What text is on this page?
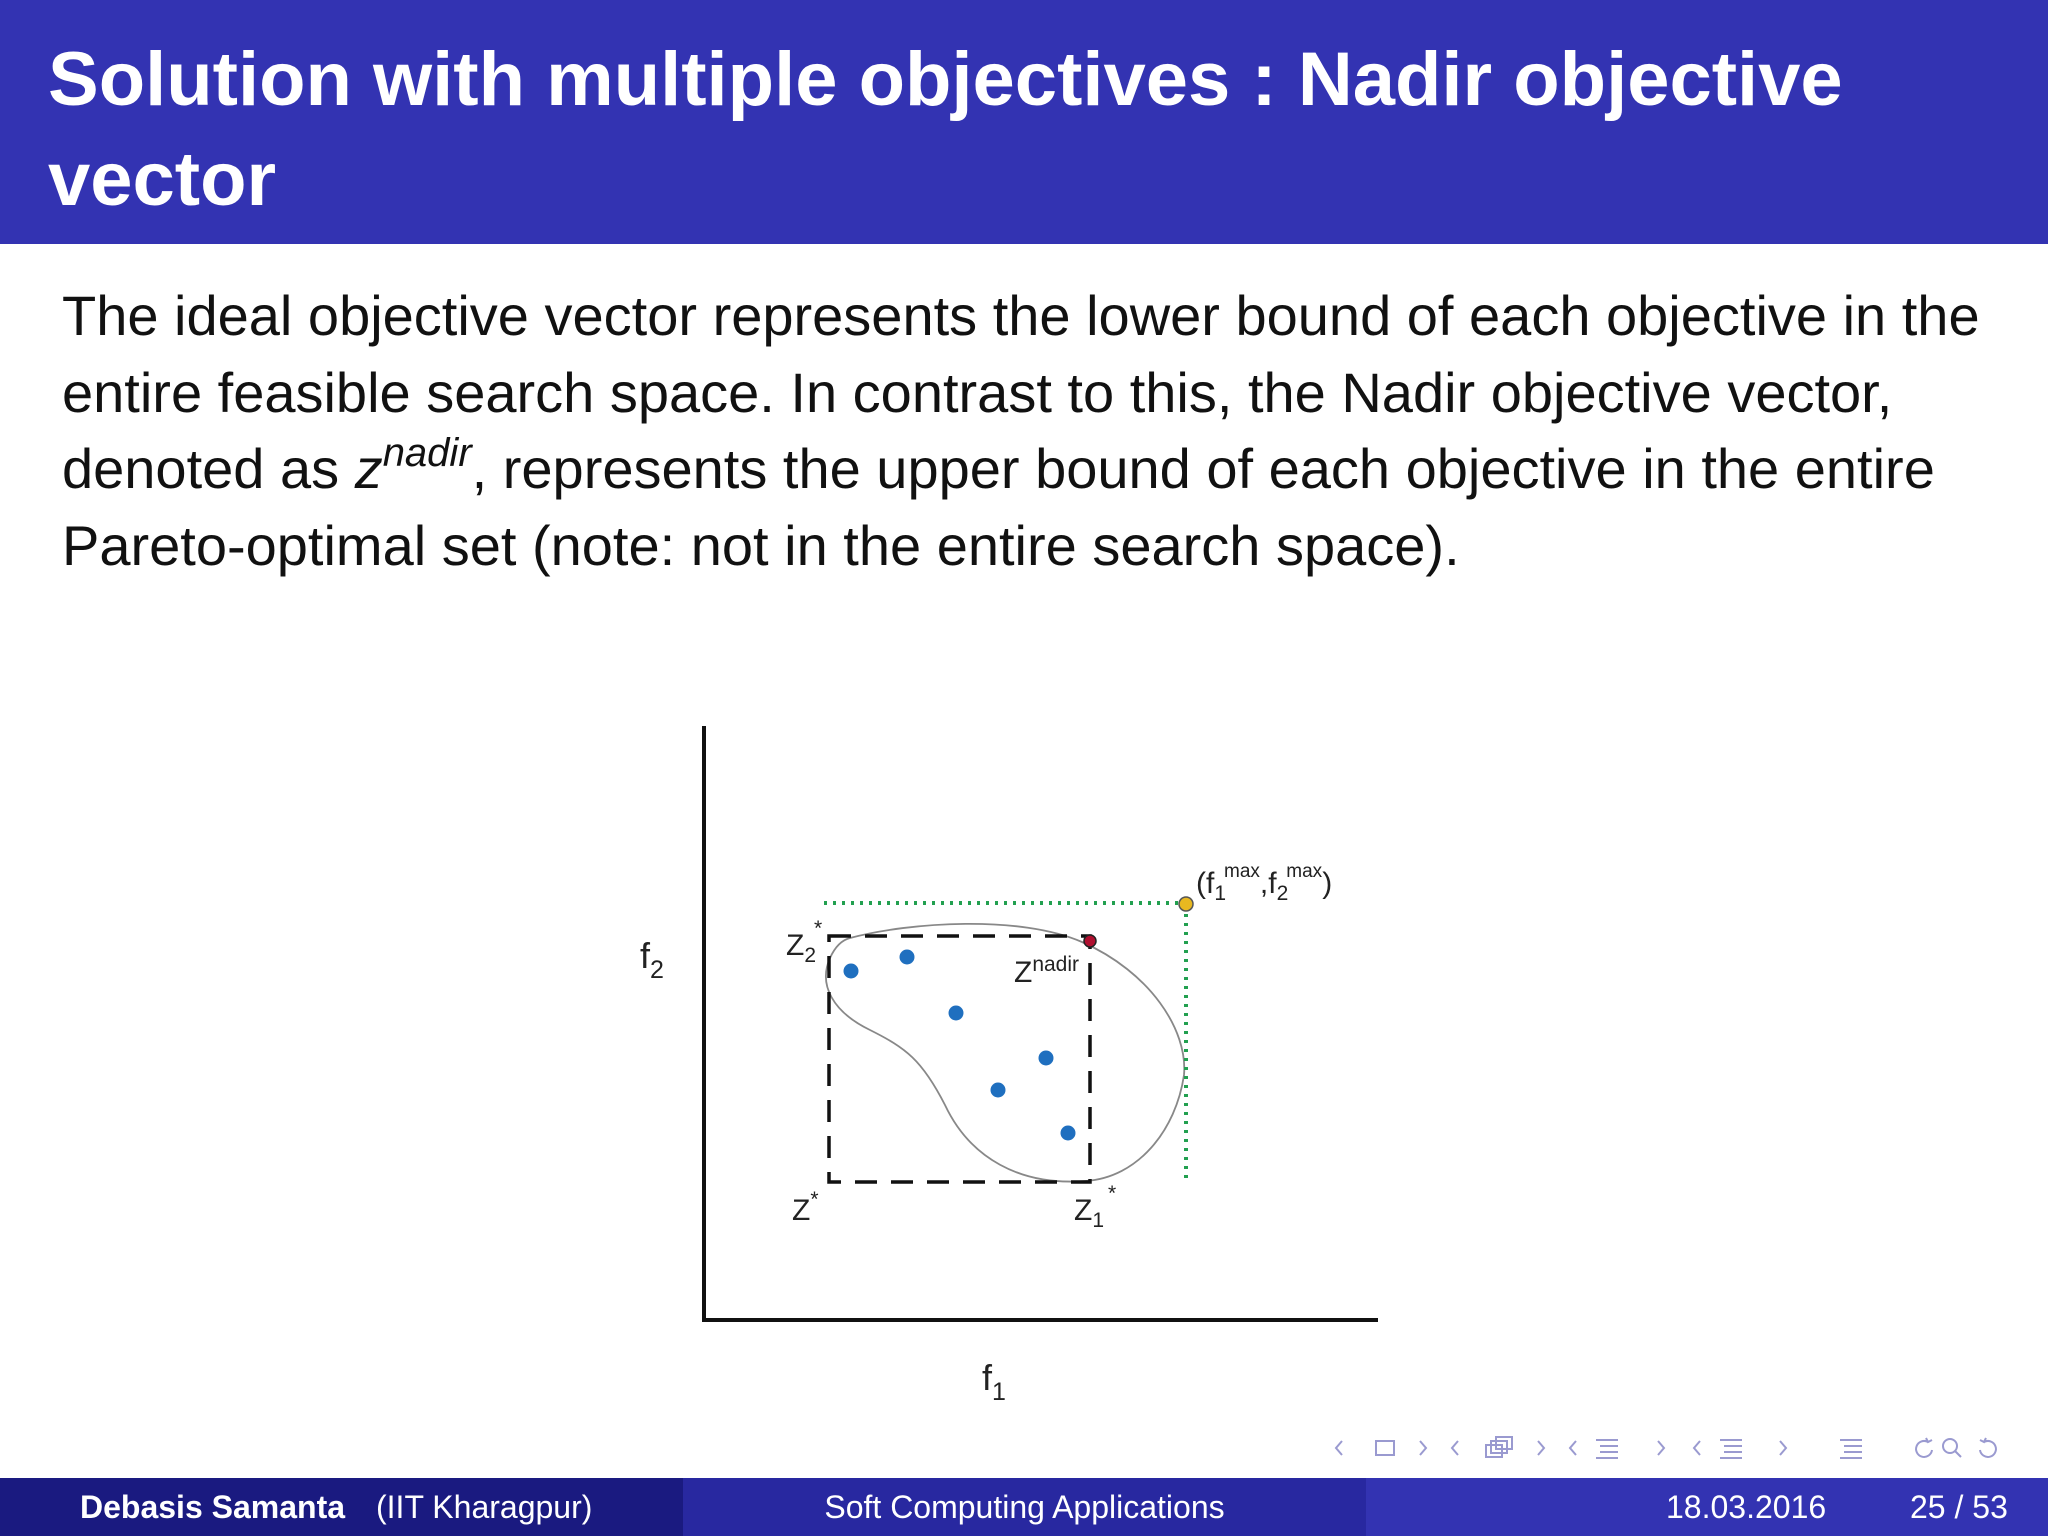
Solution with multiple objectives : Nadir objective vector
The ideal objective vector represents the lower bound of each objective in the entire feasible search space. In contrast to this, the Nadir objective vector, denoted as $z^{nadir}$, represents the upper bound of each objective in the entire Pareto-optimal set (note: not in the entire search space).
$f_2$
$f_1$
$Z_2*$
Z*	$Z_1^*$
$Z^{nadir}$
$(f_1\max,f_2\max)$
Debasis Samanta (IIT Kharagpur)	Soft Computing Applications	18.03.2016	25 / 53
